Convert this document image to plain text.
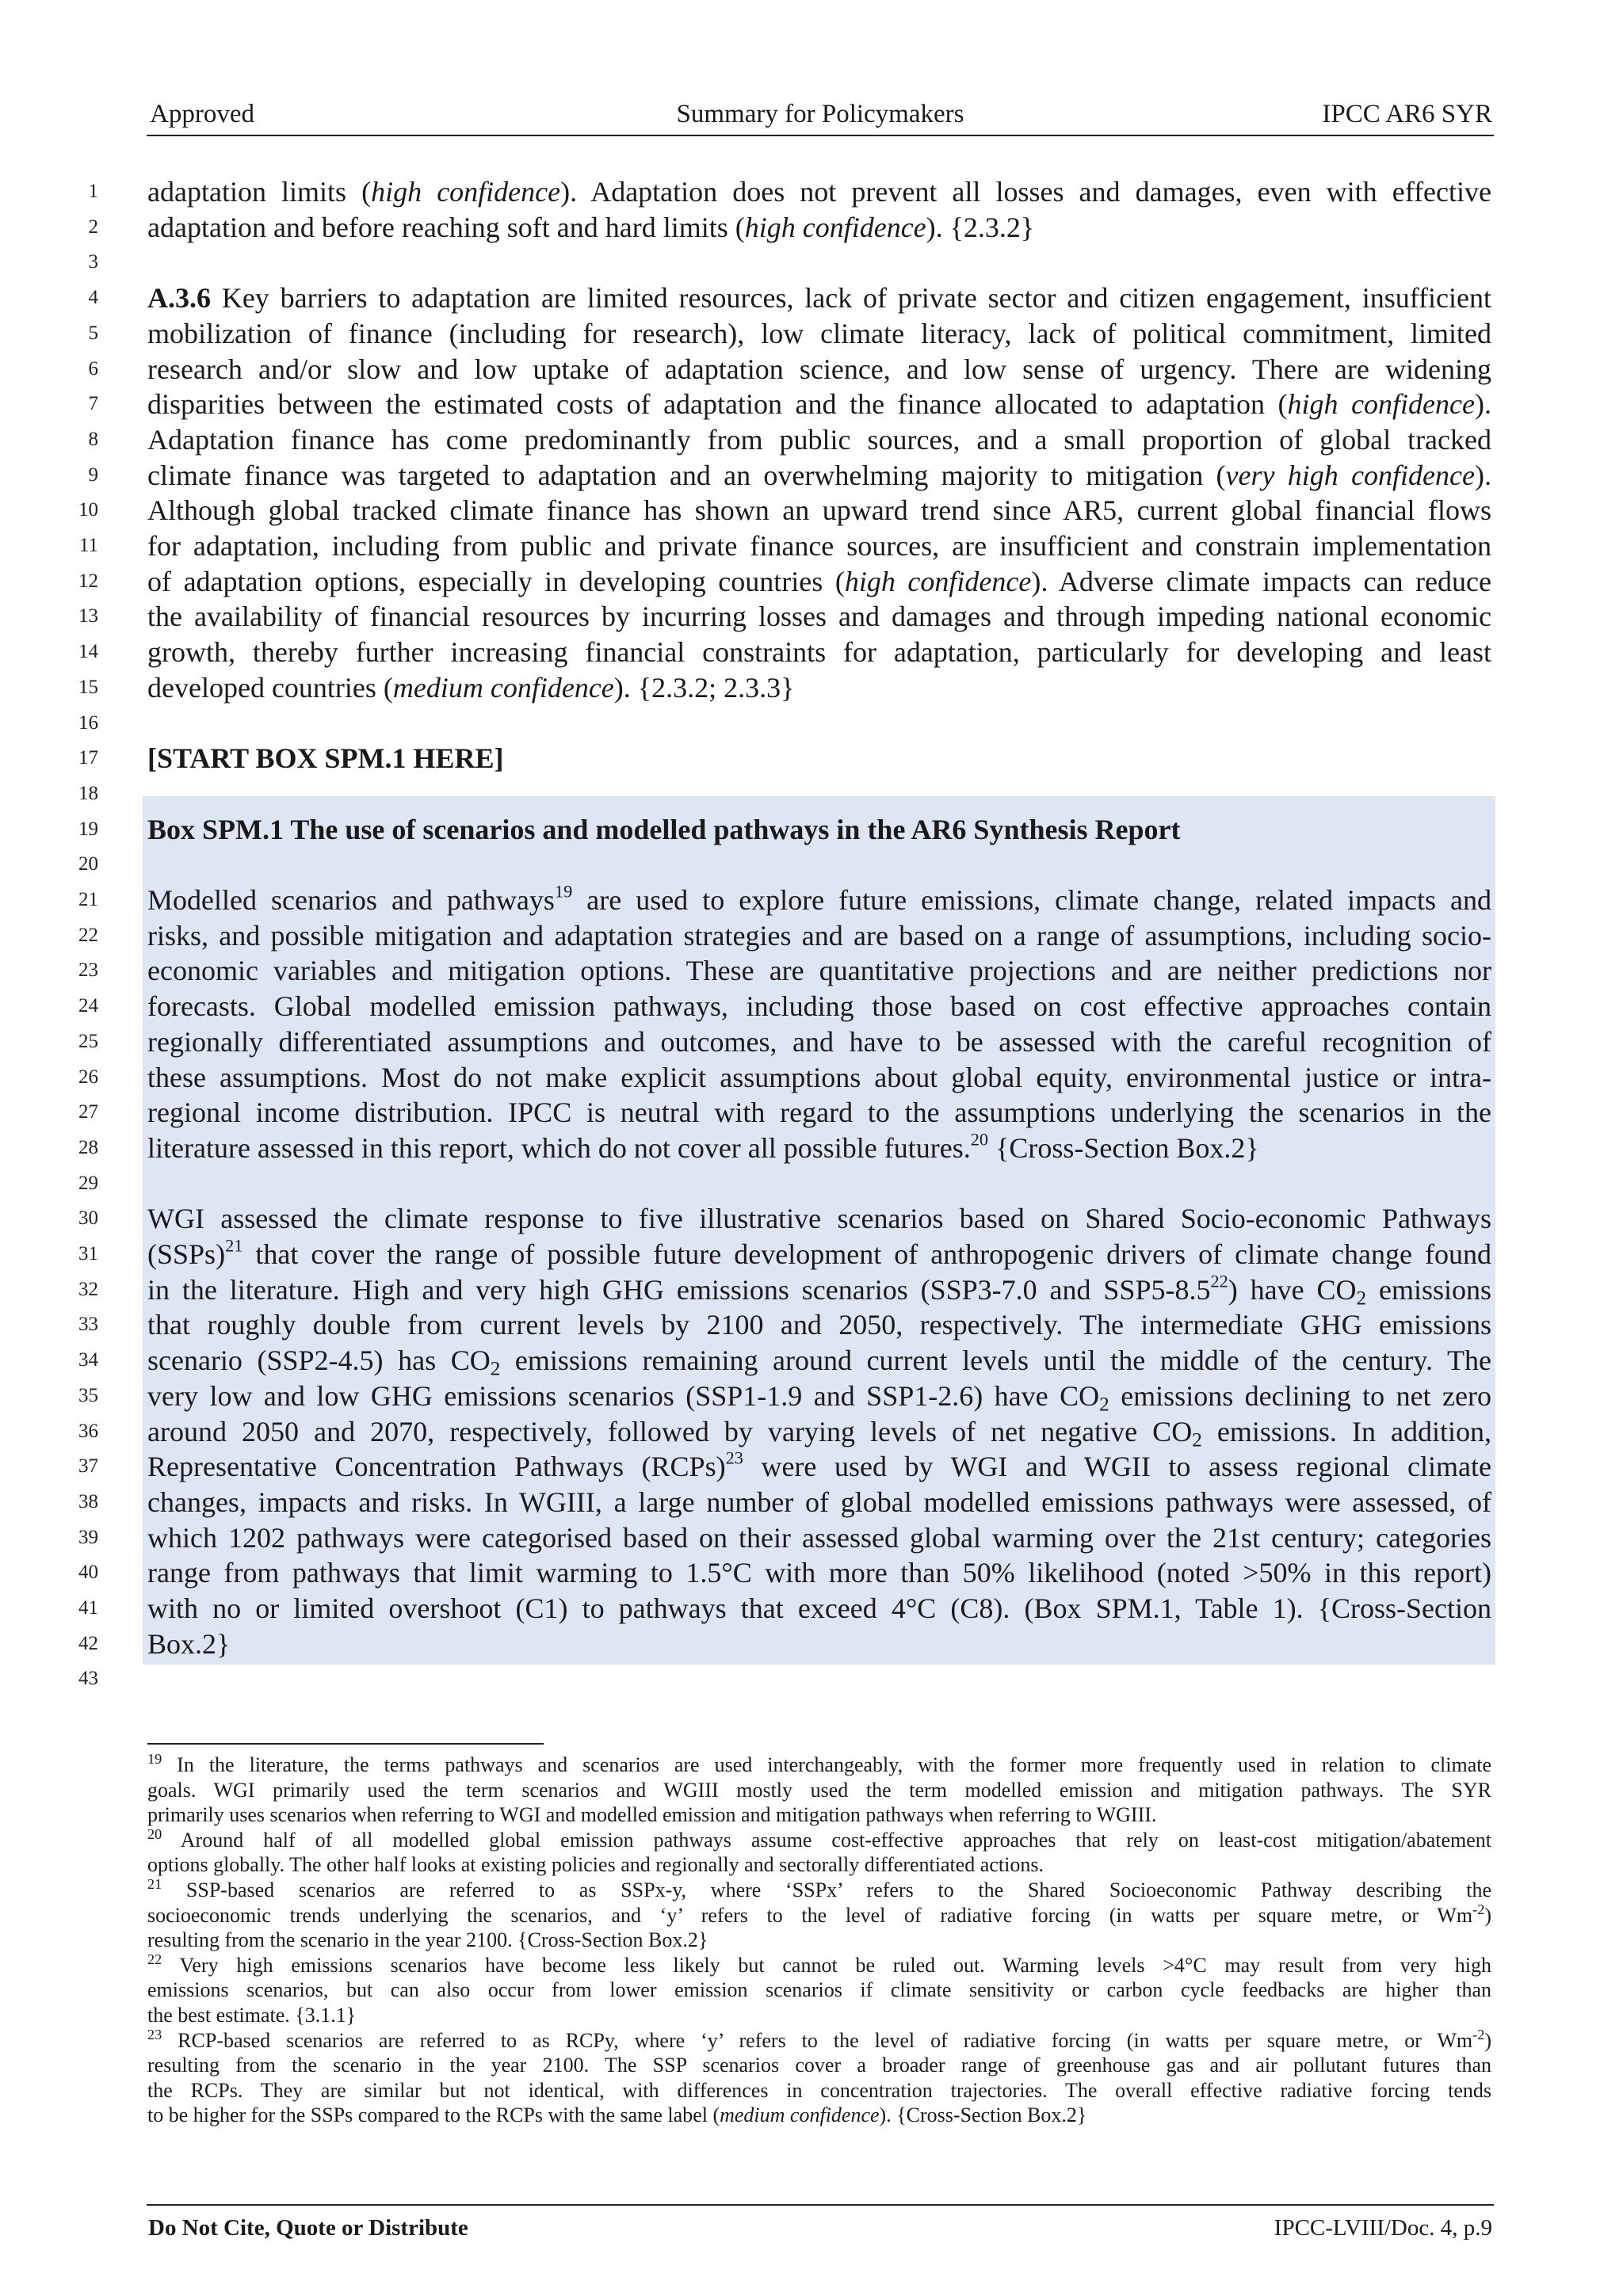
Approved	Summary for Policymakers	IPCC AR6 SYR
1 adaptation limits (high confidence). Adaptation does not prevent all losses and damages, even with effective
2 adaptation and before reaching soft and hard limits (high confidence). {2.3.2}
3
4 A.3.6 Key barriers to adaptation are limited resources, lack of private sector and citizen engagement, insufficient
5 mobilization of finance (including for research), low climate literacy, lack of political commitment, limited
6 research and/or slow and low uptake of adaptation science, and low sense of urgency. There are widening
7 disparities between the estimated costs of adaptation and the finance allocated to adaptation (high confidence).
8 Adaptation finance has come predominantly from public sources, and a small proportion of global tracked
9 climate finance was targeted to adaptation and an overwhelming majority to mitigation (very high confidence).
10 Although global tracked climate finance has shown an upward trend since AR5, current global financial flows
11 for adaptation, including from public and private finance sources, are insufficient and constrain implementation
12 of adaptation options, especially in developing countries (high confidence). Adverse climate impacts can reduce
13 the availability of financial resources by incurring losses and damages and through impeding national economic
14 growth, thereby further increasing financial constraints for adaptation, particularly for developing and least
15 developed countries (medium confidence). {2.3.2; 2.3.3}
16
17 [START BOX SPM.1 HERE]
18
19 Box SPM.1 The use of scenarios and modelled pathways in the AR6 Synthesis Report
20
21 Modelled scenarios and pathways$^{19}$ are used to explore future emissions, climate change, related impacts and
22 risks, and possible mitigation and adaptation strategies and are based on a range of assumptions, including socio-
23 economic variables and mitigation options. These are quantitative projections and are neither predictions nor
24 forecasts. Global modelled emission pathways, including those based on cost effective approaches contain
25 regionally differentiated assumptions and outcomes, and have to be assessed with the careful recognition of
26 these assumptions. Most do not make explicit assumptions about global equity, environmental justice or intra-
27 regional income distribution. IPCC is neutral with regard to the assumptions underlying the scenarios in the
28 literature assessed in this report, which do not cover all possible futures.$^{20}$ {Cross-Section Box.2}
29
30 WGI assessed the climate response to five illustrative scenarios based on Shared Socio-economic Pathways
31 (SSPs)$^{21}$ that cover the range of possible future development of anthropogenic drivers of climate change found
32 in the literature. High and very high GHG emissions scenarios (SSP3-7.0 and $SSP5-8.5^{22}$) have $CO_2$ emissions
33 that roughly double from current levels by 2100 and 2050, respectively. The intermediate GHG emissions
34 scenario (SSP2-4.5) has $CO_2$ emissions remaining around current levels until the middle of the century. The
35 very low and low GHG emissions scenarios (SSP1-1.9 and SSP1-2.6) have $CO_2$ emissions declining to net zero
36 around 2050 and 2070, respectively, followed by varying levels of net negative $CO_2$ emissions. In addition,
37 Representative Concentration Pathways (RCPs)$^{23}$ were used by WGI and WGII to assess regional climate
38 changes, impacts and risks. In WGIII, a large number of global modelled emissions pathways were assessed, of
39 which 1202 pathways were categorised based on their assessed global warming over the 21st century; categories
40 range from pathways that limit warming to 1.5°C with more than 50% likelihood (noted >50% in this report)
41 with no or limited overshoot (C1) to pathways that exceed 4°C (C8). (Box SPM.1, Table 1). {Cross-Section
42 Box.2}
43
$^{19}$ In the literature, the terms pathways and scenarios are used interchangeably, with the former more frequently used in relation to climate
goals. WGI primarily used the term scenarios and WGIII mostly used the term modelled emission and mitigation pathways. The SYR
primarily uses scenarios when referring to WGI and modelled emission and mitigation pathways when referring to WGIII.
$^{20}$ Around half of all modelled global emission pathways assume cost-effective approaches that rely on least-cost mitigation/abatement
options globally. The other half looks at existing policies and regionally and sectorally differentiated actions.
$^{21}$ SSP-based scenarios are referred to as SSPx-y, where ‘SSPx’ refers to the Shared Socioeconomic Pathway describing the
socioeconomic trends underlying the scenarios, and ‘y’ refers to the level of radiative forcing (in watts per square metre, or $Wm^{-2}$)
resulting from the scenario in the year 2100. {Cross-Section Box.2}
$^{22}$ Very high emissions scenarios have become less likely but cannot be ruled out. Warming levels >4°C may result from very high
emissions scenarios, but can also occur from lower emission scenarios if climate sensitivity or carbon cycle feedbacks are higher than
the best estimate. {3.1.1}
$^{23}$ RCP-based scenarios are referred to as RCPy, where ‘y’ refers to the level of radiative forcing (in watts per square metre, or $Wm^{-2}$)
resulting from the scenario in the year 2100. The SSP scenarios cover a broader range of greenhouse gas and air pollutant futures than
the RCPs. They are similar but not identical, with differences in concentration trajectories. The overall effective radiative forcing tends
to be higher for the SSPs compared to the RCPs with the same label (medium confidence). {Cross-Section Box.2}
Do Not Cite, Quote or Distribute	IPCC-LVIII/Doc. 4, p.9
